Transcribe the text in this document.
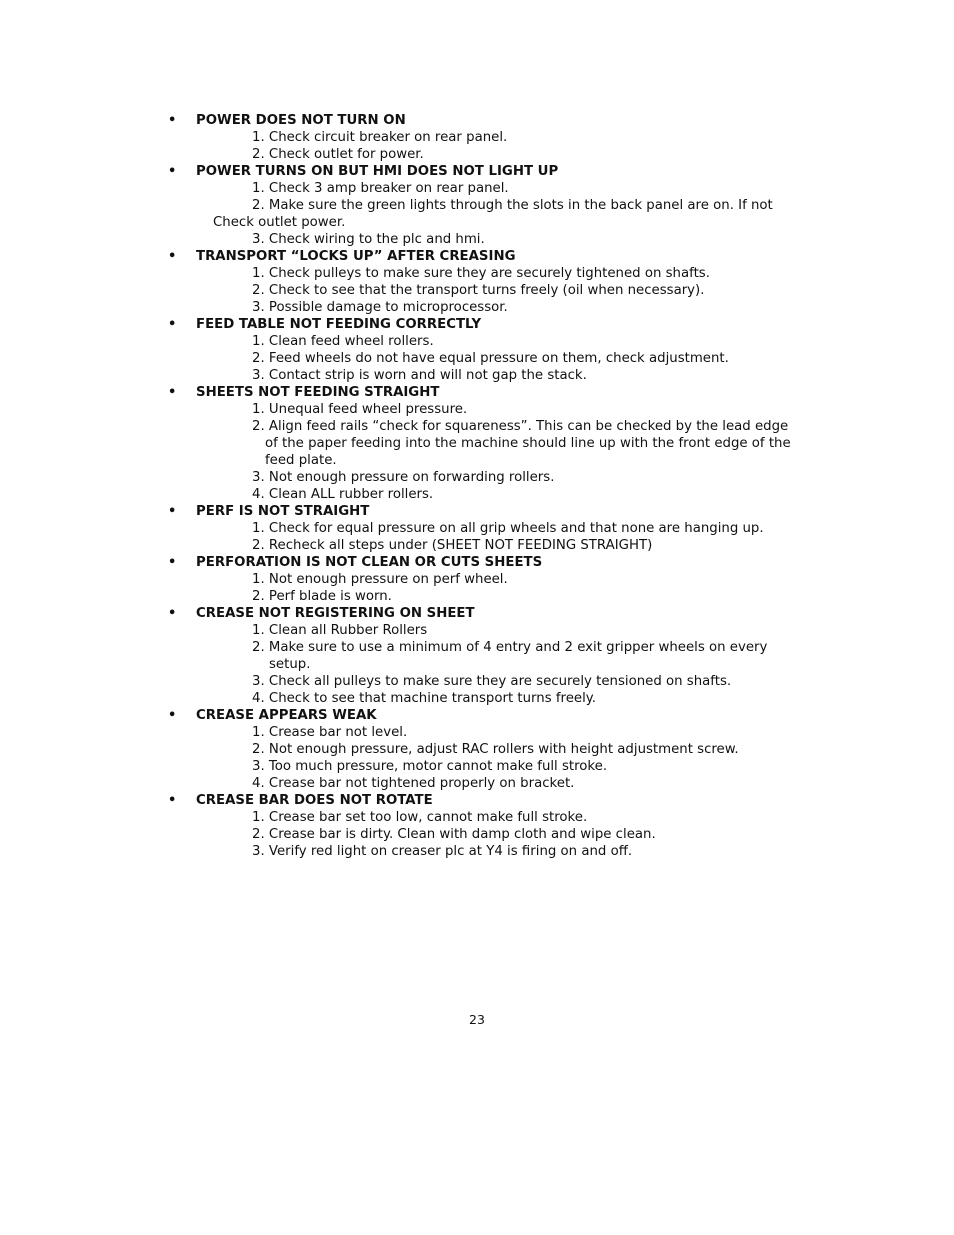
• POWER DOES NOT TURN ON
1. Check circuit breaker on rear panel.
2. Check outlet for power.
• POWER TURNS ON BUT HMI DOES NOT LIGHT UP
1. Check 3 amp breaker on rear panel.
2. Make sure the green lights through the slots in the back panel are on. If not
Check outlet power.
3. Check wiring to the plc and hmi.
• TRANSPORT “LOCKS UP” AFTER CREASING
1. Check pulleys to make sure they are securely tightened on shafts.
2. Check to see that the transport turns freely (oil when necessary).
3. Possible damage to microprocessor.
• FEED TABLE NOT FEEDING CORRECTLY
1. Clean feed wheel rollers.
2. Feed wheels do not have equal pressure on them, check adjustment.
3. Contact strip is worn and will not gap the stack.
• SHEETS NOT FEEDING STRAIGHT
1. Unequal feed wheel pressure.
2. Align feed rails “check for squareness”. This can be checked by the lead edge
of the paper feeding into the machine should line up with the front edge of the
feed plate.
3. Not enough pressure on forwarding rollers.
4. Clean ALL rubber rollers.
• PERF IS NOT STRAIGHT
1. Check for equal pressure on all grip wheels and that none are hanging up.
2. Recheck all steps under (SHEET NOT FEEDING STRAIGHT)
• PERFORATION IS NOT CLEAN OR CUTS SHEETS
1. Not enough pressure on perf wheel.
2. Perf blade is worn.
• CREASE NOT REGISTERING ON SHEET
1. Clean all Rubber Rollers
2. Make sure to use a minimum of 4 entry and 2 exit gripper wheels on every
setup.
3. Check all pulleys to make sure they are securely tensioned on shafts.
4. Check to see that machine transport turns freely.
• CREASE APPEARS WEAK
1. Crease bar not level.
2. Not enough pressure, adjust RAC rollers with height adjustment screw.
3. Too much pressure, motor cannot make full stroke.
4. Crease bar not tightened properly on bracket.
• CREASE BAR DOES NOT ROTATE
1. Crease bar set too low, cannot make full stroke.
2. Crease bar is dirty. Clean with damp cloth and wipe clean.
3. Verify red light on creaser plc at Y4 is firing on and off.
23
